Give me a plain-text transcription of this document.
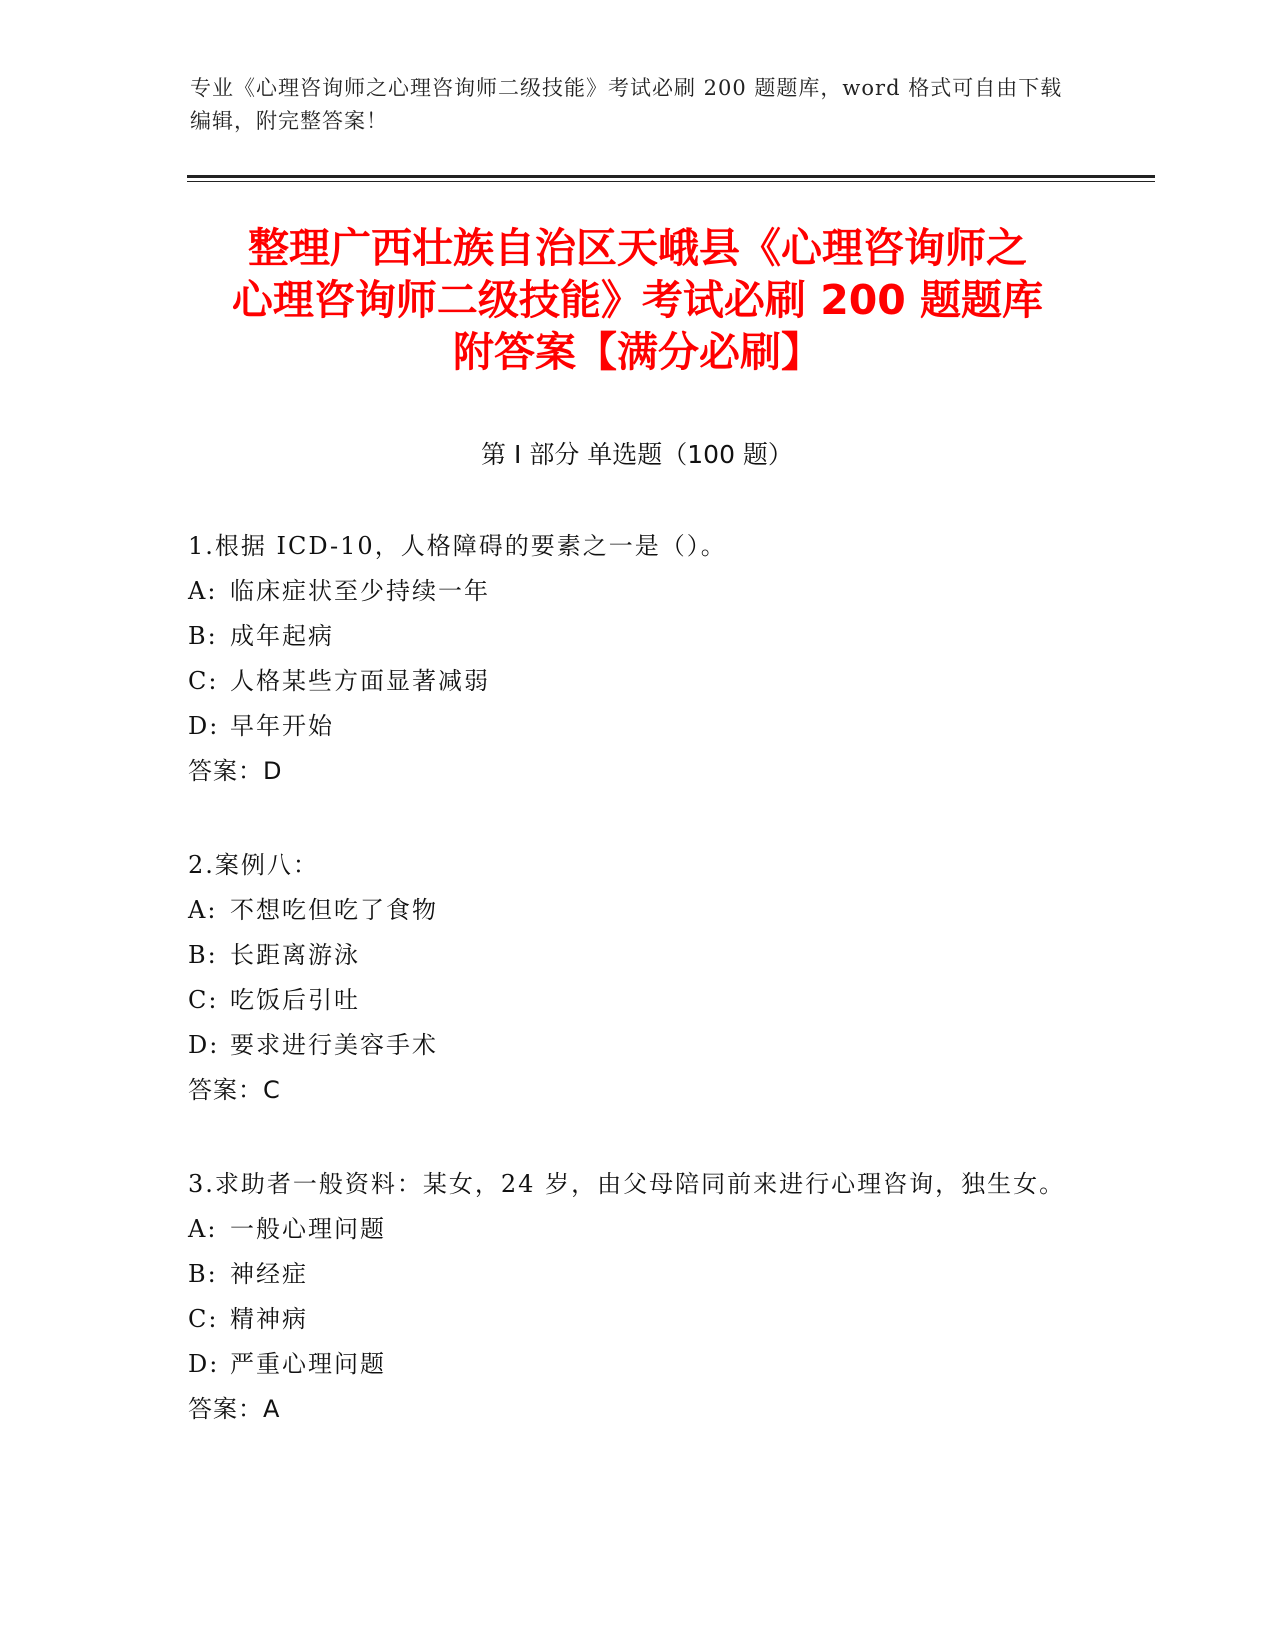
专业《心理咨询师之心理咨询师二级技能》考试必刷 200 题题库，word 格式可自由下载编辑，附完整答案！
整理广西壮族自治区天峨县《心理咨询师之
心理咨询师二级技能》考试必刷 200 题题库
附答案【满分必刷】
第 I 部分 单选题（100 题）

1.根据 ICD-10，人格障碍的要素之一是（）。

A: 临床症状至少持续一年

B: 成年起病

C: 人格某些方面显著减弱

D: 早年开始

答案：D

2.案例八：

A: 不想吃但吃了食物

B: 长距离游泳

C: 吃饭后引吐

D: 要求进行美容手术

答案：C

3.求助者一般资料：某女，24 岁，由父母陪同前来进行心理咨询，独生女。

A: 一般心理问题

B: 神经症

C: 精神病

D: 严重心理问题

答案：A
